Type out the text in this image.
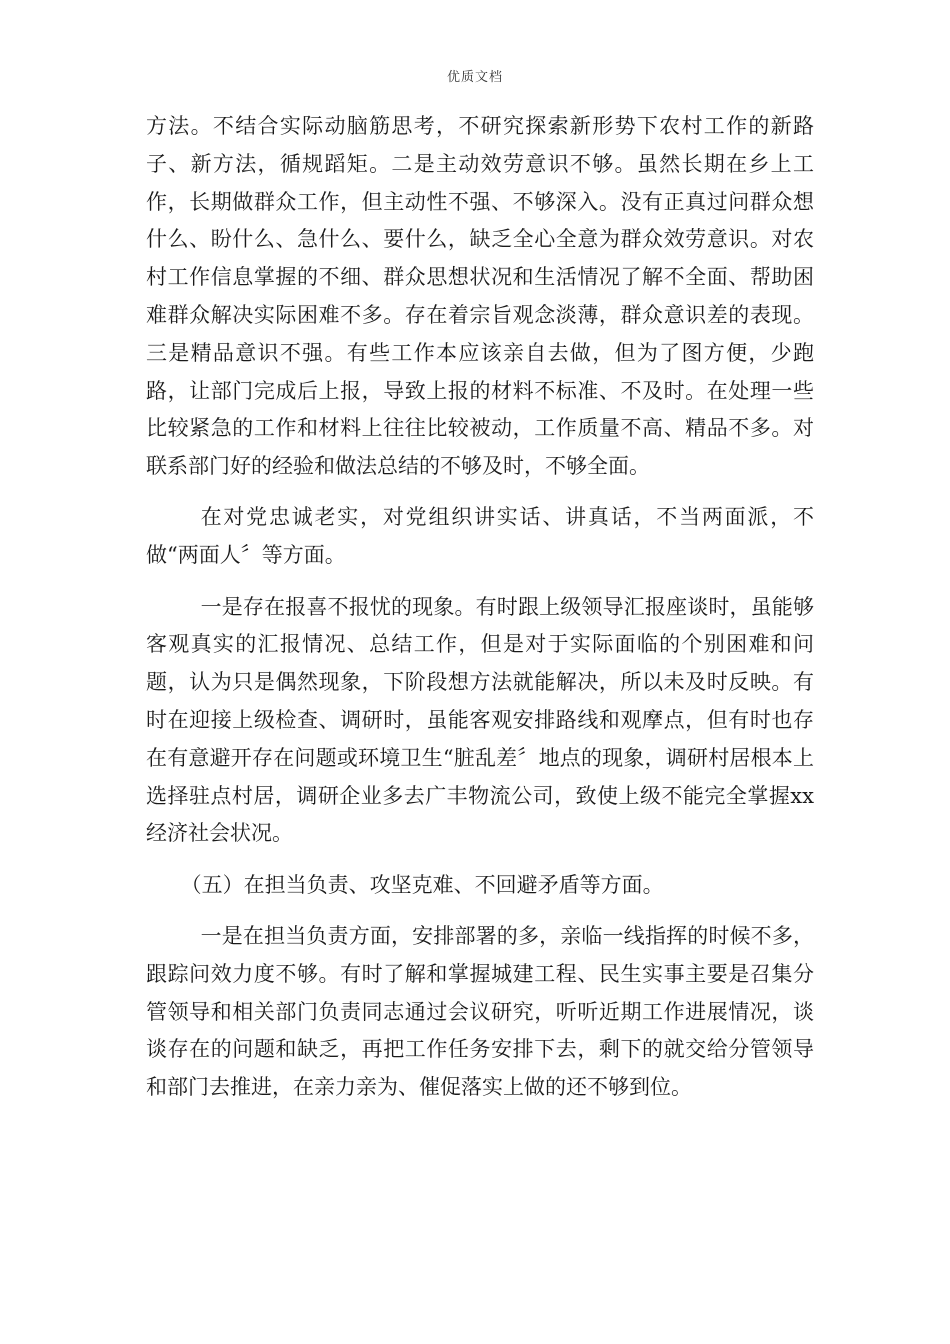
优质文档

方法。不结合实际动脑筋思考，不研究探索新形势下农村工作的新路子、新方法，循规蹈矩。二是主动效劳意识不够。虽然长期在乡上工作，长期做群众工作，但主动性不强、不够深入。没有正真过问群众想什么、盼什么、急什么、要什么，缺乏全心全意为群众效劳意识。对农村工作信息掌握的不细、群众思想状况和生活情况了解不全面、帮助困难群众解决实际困难不多。存在着宗旨观念淡薄，群众意识差的表现。三是精品意识不强。有些工作本应该亲自去做，但为了图方便，少跑路，让部门完成后上报，导致上报的材料不标准、不及时。在处理一些比较紧急的工作和材料上往往比较被动，工作质量不高、精品不多。对联系部门好的经验和做法总结的不够及时，不够全面。

在对党忠诚老实，对党组织讲实话、讲真话，不当两面派，不做“两面人〞等方面。

一是存在报喜不报忧的现象。有时跟上级领导汇报座谈时，虽能够客观真实的汇报情况、总结工作，但是对于实际面临的个别困难和问题，认为只是偶然现象，下阶段想方法就能解决，所以未及时反映。有时在迎接上级检查、调研时，虽能客观安排路线和观摩点，但有时也存在有意避开存在问题或环境卫生“脏乱差〞地点的现象，调研村居根本上选择驻点村居，调研企业多去广丰物流公司，致使上级不能完全掌握xx经济社会状况。

（五）在担当负责、攻坚克难、不回避矛盾等方面。

一是在担当负责方面，安排部署的多，亲临一线指挥的时候不多，跟踪问效力度不够。有时了解和掌握城建工程、民生实事主要是召集分管领导和相关部门负责同志通过会议研究，听听近期工作进展情况，谈谈存在的问题和缺乏，再把工作任务安排下去，剩下的就交给分管领导和部门去推进，在亲力亲为、催促落实上做的还不够到位。
